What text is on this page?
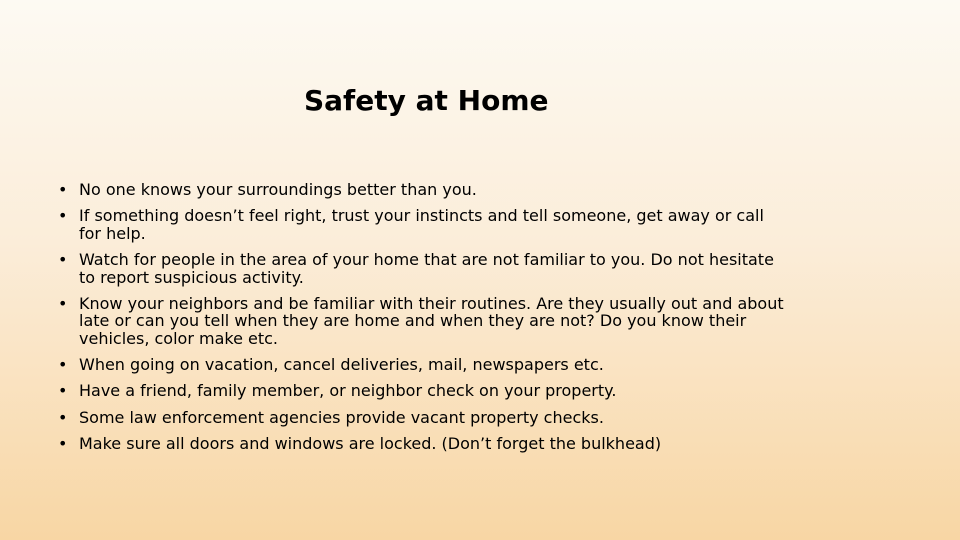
Safety at Home
• No one knows your surroundings better than you.
• If something doesn’t feel right, trust your instincts and tell someone, get away or call for help.
• Watch for people in the area of your home that are not familiar to you. Do not hesitate to report suspicious activity.
• Know your neighbors and be familiar with their routines. Are they usually out and about late or can you tell when they are home and when they are not? Do you know their vehicles, color make etc.
• When going on vacation, cancel deliveries, mail, newspapers etc.
• Have a friend, family member, or neighbor check on your property.
• Some law enforcement agencies provide vacant property checks.
• Make sure all doors and windows are locked. (Don’t forget the bulkhead)
